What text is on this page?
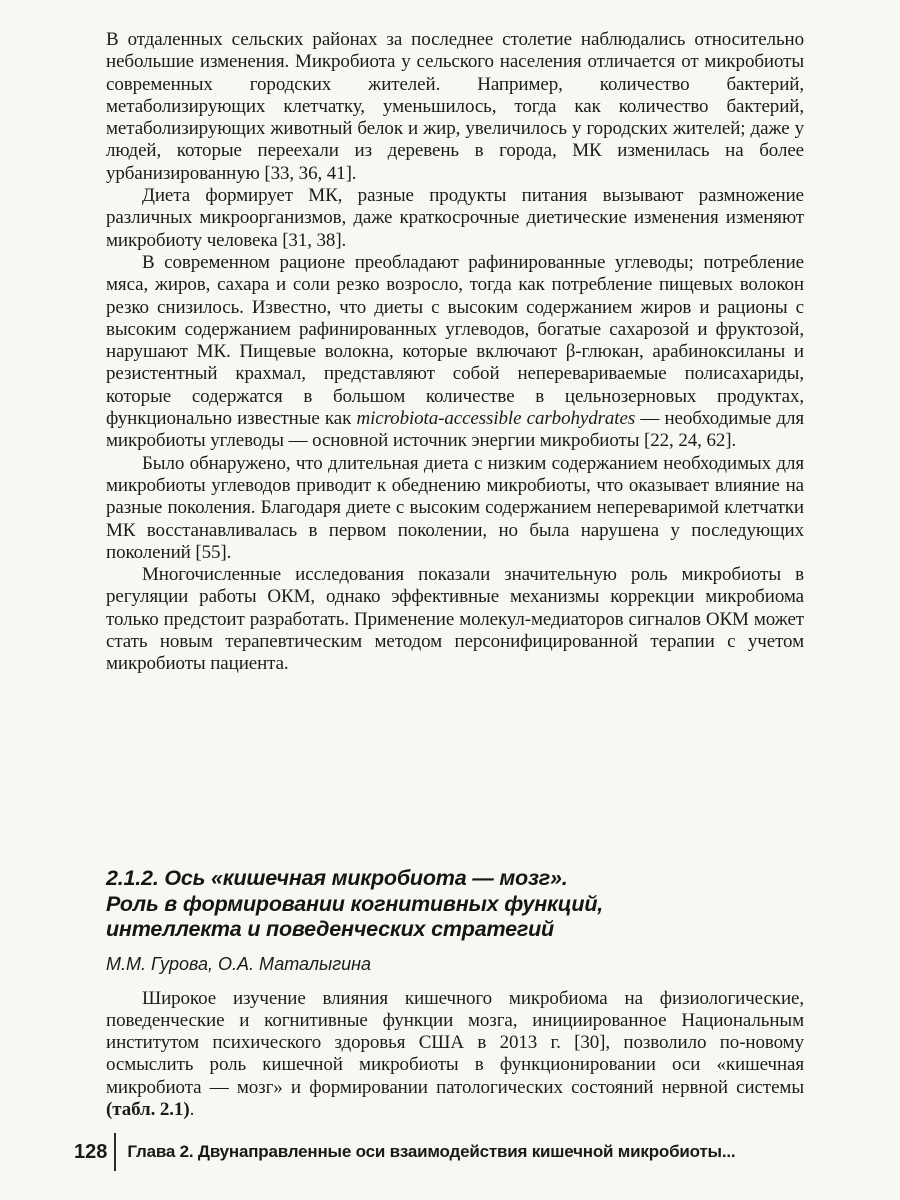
В отдаленных сельских районах за последнее столетие наблюдались относительно небольшие изменения. Микробиота у сельского населения отличается от микробиоты современных городских жителей. Например, количество бактерий, метаболизирующих клетчатку, уменьшилось, тогда как количество бактерий, метаболизирующих животный белок и жир, увеличилось у городских жителей; даже у людей, которые переехали из деревень в города, МК изменилась на более урбанизированную [33, 36, 41].

Диета формирует МК, разные продукты питания вызывают размножение различных микроорганизмов, даже краткосрочные диетические изменения изменяют микробиоту человека [31, 38].

В современном рационе преобладают рафинированные углеводы; потребление мяса, жиров, сахара и соли резко возросло, тогда как потребление пищевых волокон резко снизилось. Известно, что диеты с высоким содержанием жиров и рационы с высоким содержанием рафинированных углеводов, богатые сахарозой и фруктозой, нарушают МК. Пищевые волокна, которые включают β-глюкан, арабиноксиланы и резистентный крахмал, представляют собой неперевариваемые полисахариды, которые содержатся в большом количестве в цельнозерновых продуктах, функционально известные как microbiota-accessible carbohydrates — необходимые для микробиоты углеводы — основной источник энергии микробиоты [22, 24, 62].

Было обнаружено, что длительная диета с низким содержанием необходимых для микробиоты углеводов приводит к обеднению микробиоты, что оказывает влияние на разные поколения. Благодаря диете с высоким содержанием непереваримой клетчатки МК восстанавливалась в первом поколении, но была нарушена у последующих поколений [55].

Многочисленные исследования показали значительную роль микробиоты в регуляции работы ОКМ, однако эффективные механизмы коррекции микробиома только предстоит разработать. Применение молекул-медиаторов сигналов ОКМ может стать новым терапевтическим методом персонифицированной терапии с учетом микробиоты пациента.

2.1.2. Ось «кишечная микробиота — мозг».
Роль в формировании когнитивных функций,
интеллекта и поведенческих стратегий
М.М. Гурова, О.А. Маталыгина

Широкое изучение влияния кишечного микробиома на физиологические, поведенческие и когнитивные функции мозга, инициированное Национальным институтом психического здоровья США в 2013 г. [30], позволило по-новому осмыслить роль кишечной микробиоты в функционировании оси «кишечная микробиота — мозг» и формировании патологических состояний нервной системы (табл. 2.1).

128 Глава 2. Двунаправленные оси взаимодействия кишечной микробиоты...
